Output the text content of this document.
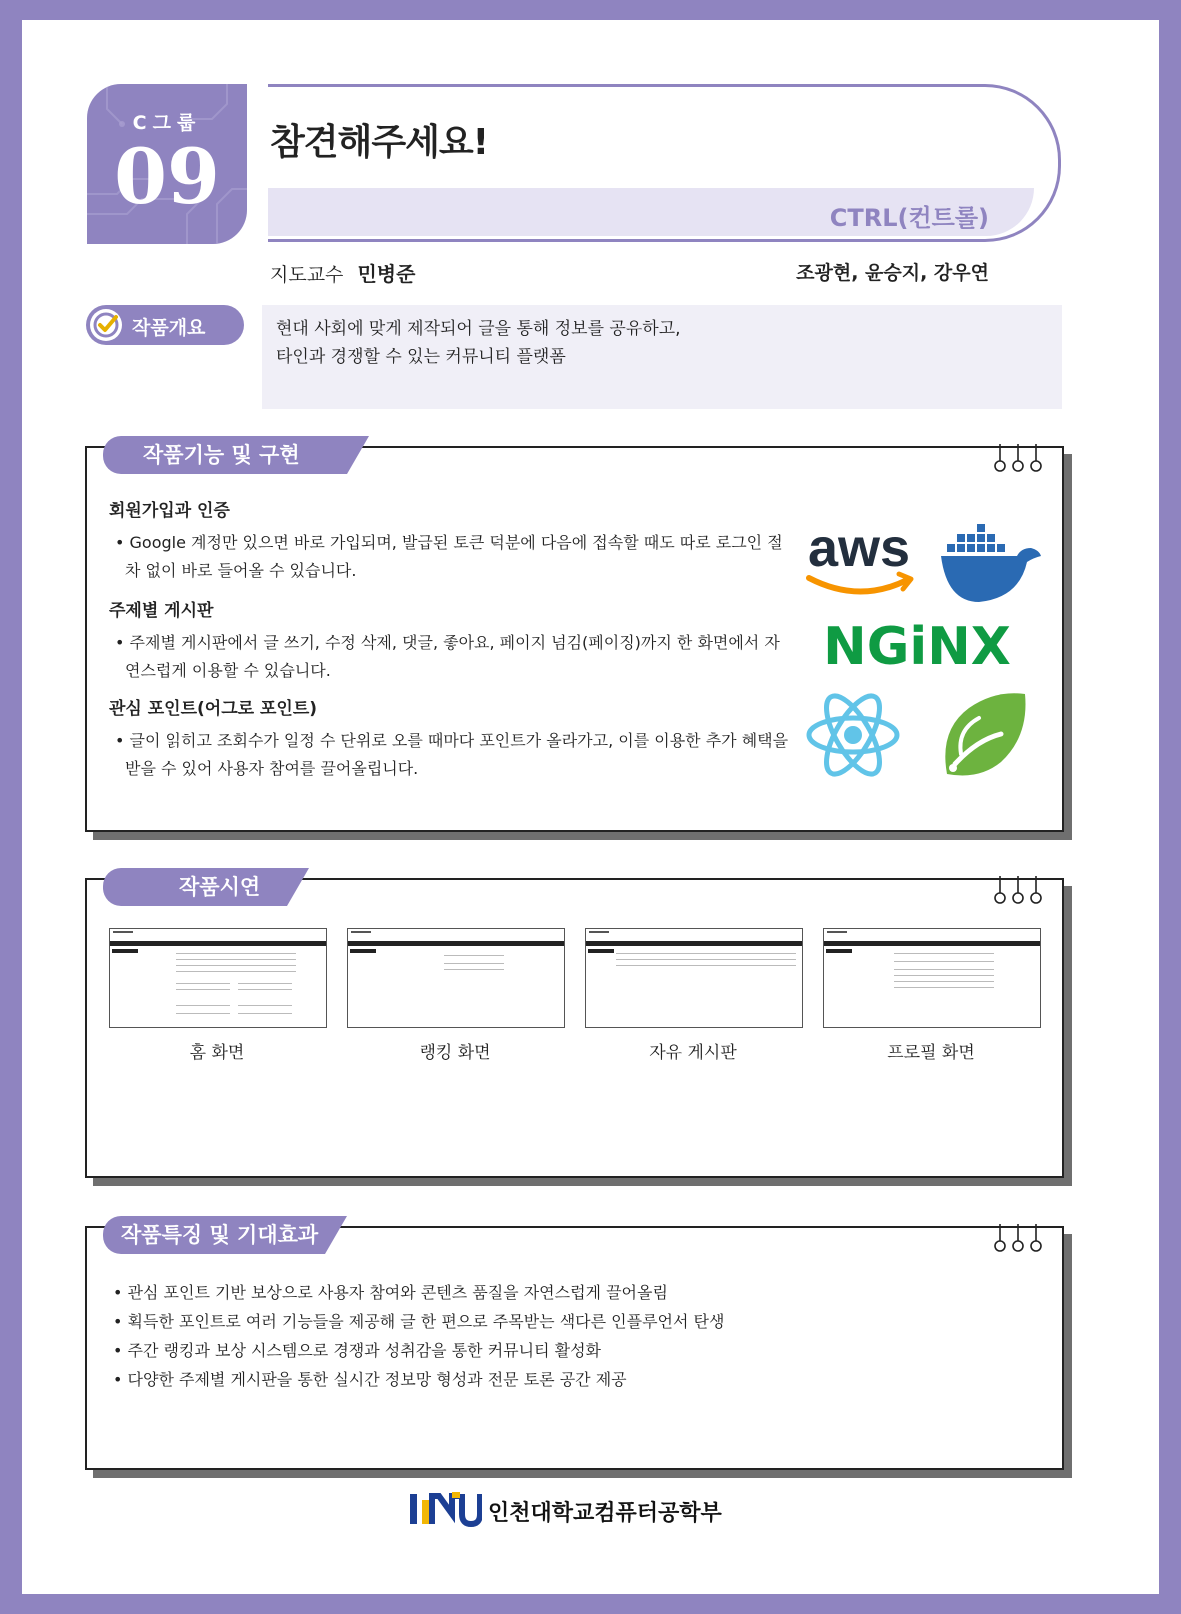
C그룹
09	참견해주세요!
CTRL(컨트롤)
지도교수 민병준	조광현, 윤승지, 강우연
작품개요	현대 사회에 맞게 제작되어 글을 통해 정보를 공유하고,
타인과 경쟁할 수 있는 커뮤니티 플랫폼
작품기능 및 구현
회원가입과 인증
• Google 계정만 있으면 바로 가입되며, 발급된 토큰 덕분에 다음에 접속할 때도 따로 로그인 절차 없이 바로 들어올 수 있습니다.
주제별 게시판
• 주제별 게시판에서 글 쓰기, 수정 삭제, 댓글, 좋아요, 페이지 넘김(페이징)까지 한 화면에서 자연스럽게 이용할 수 있습니다.
관심 포인트(어그로 포인트)
• 글이 읽히고 조회수가 일정 수 단위로 오를 때마다 포인트가 올라가고, 이를 이용한 추가 혜택을 받을 수 있어 사용자 참여를 끌어올립니다.
aws
NGiNX
작품시연
홈 화면	랭킹 화면	자유 게시판	프로필 화면
작품특징 및 기대효과
• 관심 포인트 기반 보상으로 사용자 참여와 콘텐츠 품질을 자연스럽게 끌어올림
• 획득한 포인트로 여러 기능들을 제공해 글 한 편으로 주목받는 색다른 인플루언서 탄생
• 주간 랭킹과 보상 시스템으로 경쟁과 성취감을 통한 커뮤니티 활성화
• 다양한 주제별 게시판을 통한 실시간 정보망 형성과 전문 토론 공간 제공
인천대학교컴퓨터공학부
